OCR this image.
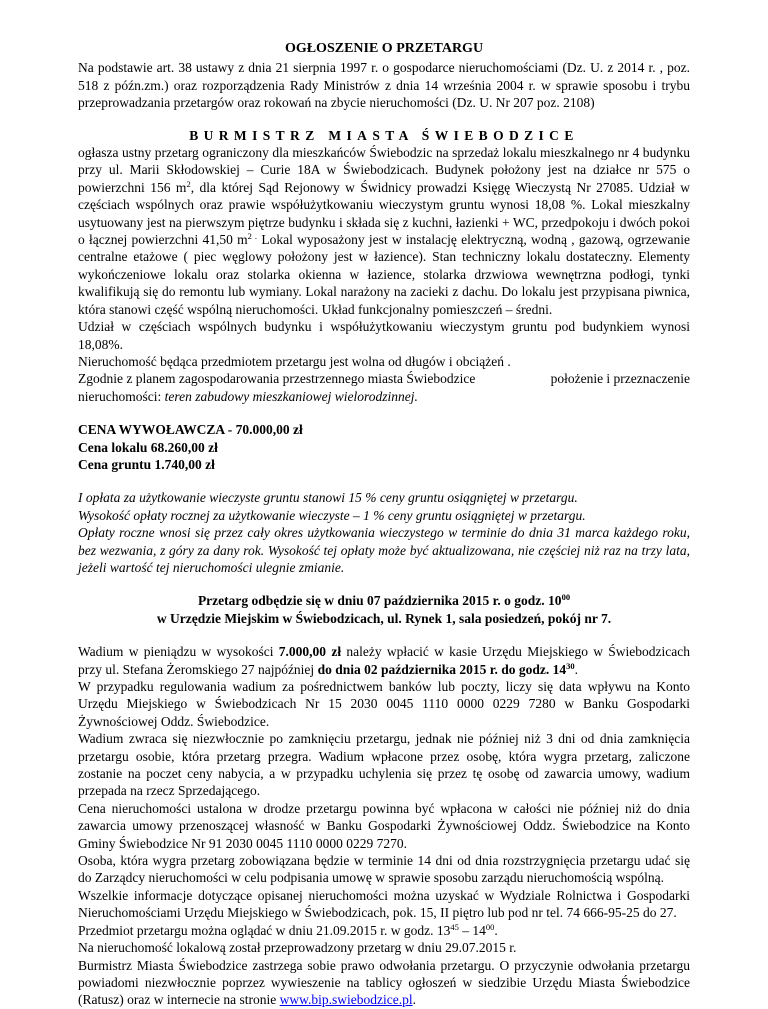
OGŁOSZENIE O PRZETARGU

Na podstawie art. 38 ustawy z dnia 21 sierpnia 1997 r. o gospodarce nieruchomościami (Dz. U. z 2014 r. , poz. 518 z późn.zm.) oraz rozporządzenia Rady Ministrów z dnia 14 września 2004 r. w sprawie sposobu i trybu przeprowadzania przetargów oraz rokowań na zbycie nieruchomości (Dz. U. Nr 207 poz. 2108)

BURMISTRZ MIASTA ŚWIEBODZICE

ogłasza ustny przetarg ograniczony dla mieszkańców Świebodzic na sprzedaż lokalu mieszkalnego nr 4 budynku przy ul. Marii Skłodowskiej – Curie 18A w Świebodzicach. Budynek położony jest na działce nr 575 o powierzchni 156 $m^2$, dla której Sąd Rejonowy w Świdnicy prowadzi Księgę Wieczystą Nr 27085. Udział w częściach wspólnych oraz prawie współużytkowaniu wieczystym gruntu wynosi 18,08 %. Lokal mieszkalny usytuowany jest na pierwszym piętrze budynku i składa się z kuchni, łazienki + WC, przedpokoju i dwóch pokoi o łącznej powierzchni 41,50 $m^{2 .}$ Lokal wyposażony jest w instalację elektryczną, wodną , gazową, ogrzewanie centralne etażowe ( piec węglowy położony jest w łazience). Stan techniczny lokalu dostateczny. Elementy wykończeniowe lokalu oraz stolarka okienna w łazience, stolarka drzwiowa wewnętrzna podłogi, tynki kwalifikują się do remontu lub wymiany. Lokal narażony na zacieki z dachu. Do lokalu jest przypisana piwnica, która stanowi część wspólną nieruchomości. Układ funkcjonalny pomieszczeń – średni.

Udział w częściach wspólnych budynku i współużytkowaniu wieczystym gruntu pod budynkiem wynosi 18,08%.

Nieruchomość będąca przedmiotem przetargu jest wolna od długów i obciążeń .

Zgodnie z planem zagospodarowania przestrzennego miasta Świebodzice	położenie i przeznaczenie

nieruchomości: teren zabudowy mieszkaniowej wielorodzinnej.

CENA WYWOŁAWCZA - 70.000,00 zł

Cena lokalu 68.260,00 zł

Cena gruntu 1.740,00 zł

I opłata za użytkowanie wieczyste gruntu stanowi 15 % ceny gruntu osiągniętej w przetargu.

Wysokość opłaty rocznej za użytkowanie wieczyste – 1 % ceny gruntu osiągniętej w przetargu.

Opłaty roczne wnosi się przez cały okres użytkowania wieczystego w terminie do dnia 31 marca każdego roku, bez wezwania, z góry za dany rok. Wysokość tej opłaty może być aktualizowana, nie częściej niż raz na trzy lata, jeżeli wartość tej nieruchomości ulegnie zmianie.

Przetarg odbędzie się w dniu 07 października 2015 r. o godz. $10^{00}$

w Urzędzie Miejskim w Świebodzicach, ul. Rynek 1, sala posiedzeń, pokój nr 7.

Wadium w pieniądzu w wysokości 7.000,00 zł należy wpłacić w kasie Urzędu Miejskiego w Świebodzicach przy ul. Stefana Żeromskiego 27 najpóźniej do dnia 02 października 2015 r. do godz. $14^{30}$.

W przypadku regulowania wadium za pośrednictwem banków lub poczty, liczy się data wpływu na Konto Urzędu Miejskiego w Świebodzicach Nr 15 2030 0045 1110 0000 0229 7280 w Banku Gospodarki Żywnościowej Oddz. Świebodzice.

Wadium zwraca się niezwłocznie po zamknięciu przetargu, jednak nie później niż 3 dni od dnia zamknięcia przetargu osobie, która przetarg przegra. Wadium wpłacone przez osobę, która wygra przetarg, zaliczone zostanie na poczet ceny nabycia, a w przypadku uchylenia się przez tę osobę od zawarcia umowy, wadium przepada na rzecz Sprzedającego.

Cena nieruchomości ustalona w drodze przetargu powinna być wpłacona w całości nie później niż do dnia zawarcia umowy przenoszącej własność w Banku Gospodarki Żywnościowej Oddz. Świebodzice na Konto Gminy Świebodzice Nr 91 2030 0045 1110 0000 0229 7270.

Osoba, która wygra przetarg zobowiązana będzie w terminie 14 dni od dnia rozstrzygnięcia przetargu udać się do Zarządcy nieruchomości w celu podpisania umowę w sprawie sposobu zarządu nieruchomością wspólną.

Wszelkie informacje dotyczące opisanej nieruchomości można uzyskać w Wydziale Rolnictwa i Gospodarki Nieruchomościami Urzędu Miejskiego w Świebodzicach, pok. 15, II piętro lub pod nr tel. 74 666-95-25 do 27.

Przedmiot przetargu można oglądać w dniu 21.09.2015 r. w godz. $13^{45} - 14^{00}$.

Na nieruchomość lokalową został przeprowadzony przetarg w dniu 29.07.2015 r.

Burmistrz Miasta Świebodzice zastrzega sobie prawo odwołania przetargu. O przyczynie odwołania przetargu powiadomi niezwłocznie poprzez wywieszenie na tablicy ogłoszeń w siedzibie Urzędu Miasta Świebodzice (Ratusz) oraz w internecie na stronie www.bip.swiebodzice.pl.
